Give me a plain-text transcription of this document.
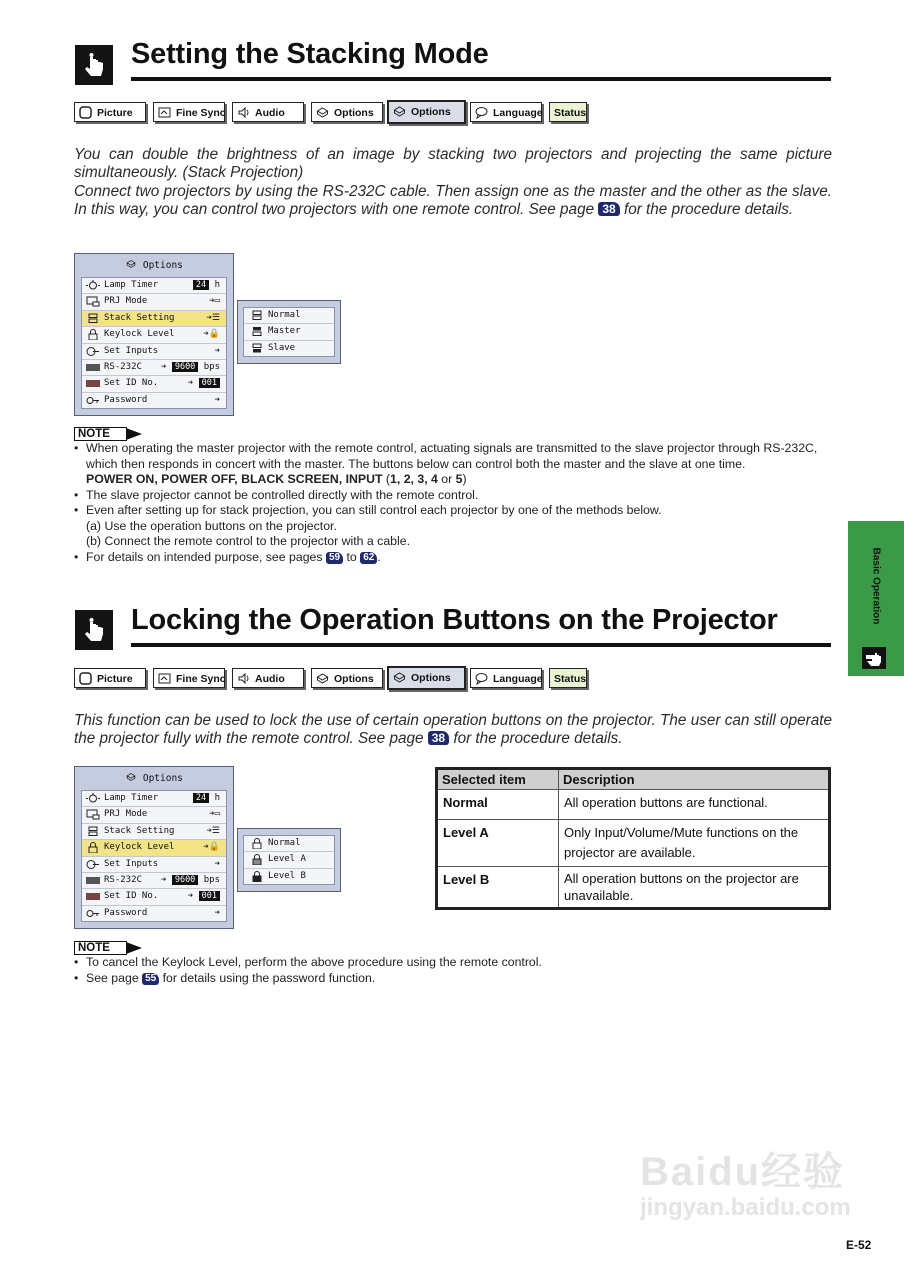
Setting the Stacking Mode
Picture	Fine Sync	Audio	Options	Options	Language	Status

You can double the brightness of an image by stacking two projectors and projecting the same picture simultaneously. (Stack Projection)

Connect two projectors by using the RS-232C cable. Then assign one as the master and the other as the slave. In this way, you can control two projectors with one remote control. See page 38 for the procedure details.

Options
Lamp Timer	24 h
PRJ Mode	➔▭
Stack Setting	➔☰
Keylock Level	➔🔒
Set Inputs	➔
RS-232C ➔ 9600 bps
Set ID No.	➔ 001
Password	➔
Normal
Master
Slave
NOTE
• When operating the master projector with the remote control, actuating signals are transmitted to the slave projector through RS-232C, which then responds in concert with the master. The buttons below can control both the master and the slave at one time.
POWER ON, POWER OFF, BLACK SCREEN, INPUT (1, 2, 3, 4 or 5)
• The slave projector cannot be controlled directly with the remote control.
• Even after setting up for stack projection, you can still control each projector by one of the methods below.
(a) Use the operation buttons on the projector.
(b) Connect the remote control to the projector with a cable.
• For details on intended purpose, see pages 59 to 62 .
Locking the Operation Buttons on the Projector
Picture	Fine Sync	Audio	Options	Options	Language	Status

This function can be used to lock the use of certain operation buttons on the projector. The user can still operate the projector fully with the remote control. See page 38 for the procedure details.

Options
Lamp Timer	24 h
PRJ Mode	➔▭
Stack Setting	➔☰
Keylock Level	➔🔒
Set Inputs	➔
RS-232C ➔ 9600 bps
Set ID No.	➔ 001
Password	➔
Normal
Level A
Level B
Selected item	Description
Normal	All operation buttons are functional.
Level A	Only Input/Volume/Mute functions on the projector are available.
Level B	All operation buttons on the projector are unavailable.
NOTE
• To cancel the Keylock Level, perform the above procedure using the remote control.
• See page 55 for details using the password function.
Basic Operation
Baidu经验
jingyan.baidu.com
E-52
